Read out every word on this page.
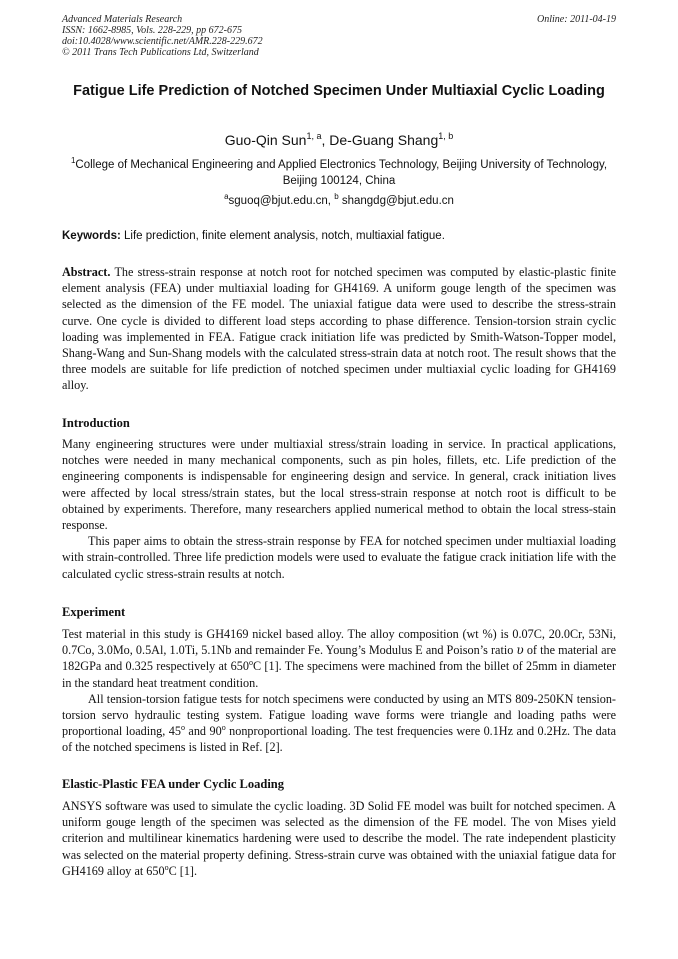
Advanced Materials Research
ISSN: 1662-8985, Vols. 228-229, pp 672-675
doi:10.4028/www.scientific.net/AMR.228-229.672
© 2011 Trans Tech Publications Ltd, Switzerland
Online: 2011-04-19
Fatigue Life Prediction of Notched Specimen Under Multiaxial Cyclic Loading
Guo-Qin Sun$^{1, a}$, De-Guang Shang$^{1, b}$
$^1$College of Mechanical Engineering and Applied Electronics Technology, Beijing University of Technology, Beijing 100124, China
$^a$sguoq@bjut.edu.cn, $^b$ shangdg@bjut.edu.cn
Keywords: Life prediction, finite element analysis, notch, multiaxial fatigue.
Abstract. The stress-strain response at notch root for notched specimen was computed by elastic-plastic finite element analysis (FEA) under multiaxial loading for GH4169. A uniform gouge length of the specimen was selected as the dimension of the FE model. The uniaxial fatigue data were used to describe the stress-strain curve. One cycle is divided to different load steps according to phase difference. Tension-torsion strain cyclic loading was implemented in FEA. Fatigue crack initiation life was predicted by Smith-Watson-Topper model, Shang-Wang and Sun-Shang models with the calculated stress-strain data at notch root. The result shows that the three models are suitable for life prediction of notched specimen under multiaxial cyclic loading for GH4169 alloy.
Introduction

Many engineering structures were under multiaxial stress/strain loading in service. In practical applications, notches were needed in many mechanical components, such as pin holes, fillets, etc. Life prediction of the engineering components is indispensable for engineering design and service. In general, crack initiation lives were affected by local stress/strain states, but the local stress-strain response at notch root is difficult to be obtained by experiments. Therefore, many researchers applied numerical method to obtain the local stress-stain response.

This paper aims to obtain the stress-strain response by FEA for notched specimen under multiaxial loading with strain-controlled. Three life prediction models were used to evaluate the fatigue crack initiation life with the calculated cyclic stress-strain results at notch.

Experiment

Test material in this study is GH4169 nickel based alloy. The alloy composition (wt %) is 0.07C, 20.0Cr, 53Ni, 0.7Co, 3.0Mo, 0.5Al, 1.0Ti, 5.1Nb and remainder Fe. Young’s Modulus E and Poison’s ratio υ of the material are 182GPa and 0.325 respectively at 650$^o$C [1]. The specimens were machined from the billet of 25mm in diameter in the standard heat treatment condition.

All tension-torsion fatigue tests for notch specimens were conducted by using an MTS 809-250KN tension-torsion servo hydraulic testing system. Fatigue loading wave forms were triangle and loading paths were proportional loading, 45$^o$ and 90$^o$ nonproportional loading. The test frequencies were 0.1Hz and 0.2Hz. The data of the notched specimens is listed in Ref. [2].

Elastic-Plastic FEA under Cyclic Loading

ANSYS software was used to simulate the cyclic loading. 3D Solid FE model was built for notched specimen. A uniform gouge length of the specimen was selected as the dimension of the FE model. The von Mises yield criterion and multilinear kinematics hardening were used to describe the model. The rate independent plasticity was selected on the material property defining. Stress-strain curve was obtained with the uniaxial fatigue data for GH4169 alloy at 650$^o$C [1].
